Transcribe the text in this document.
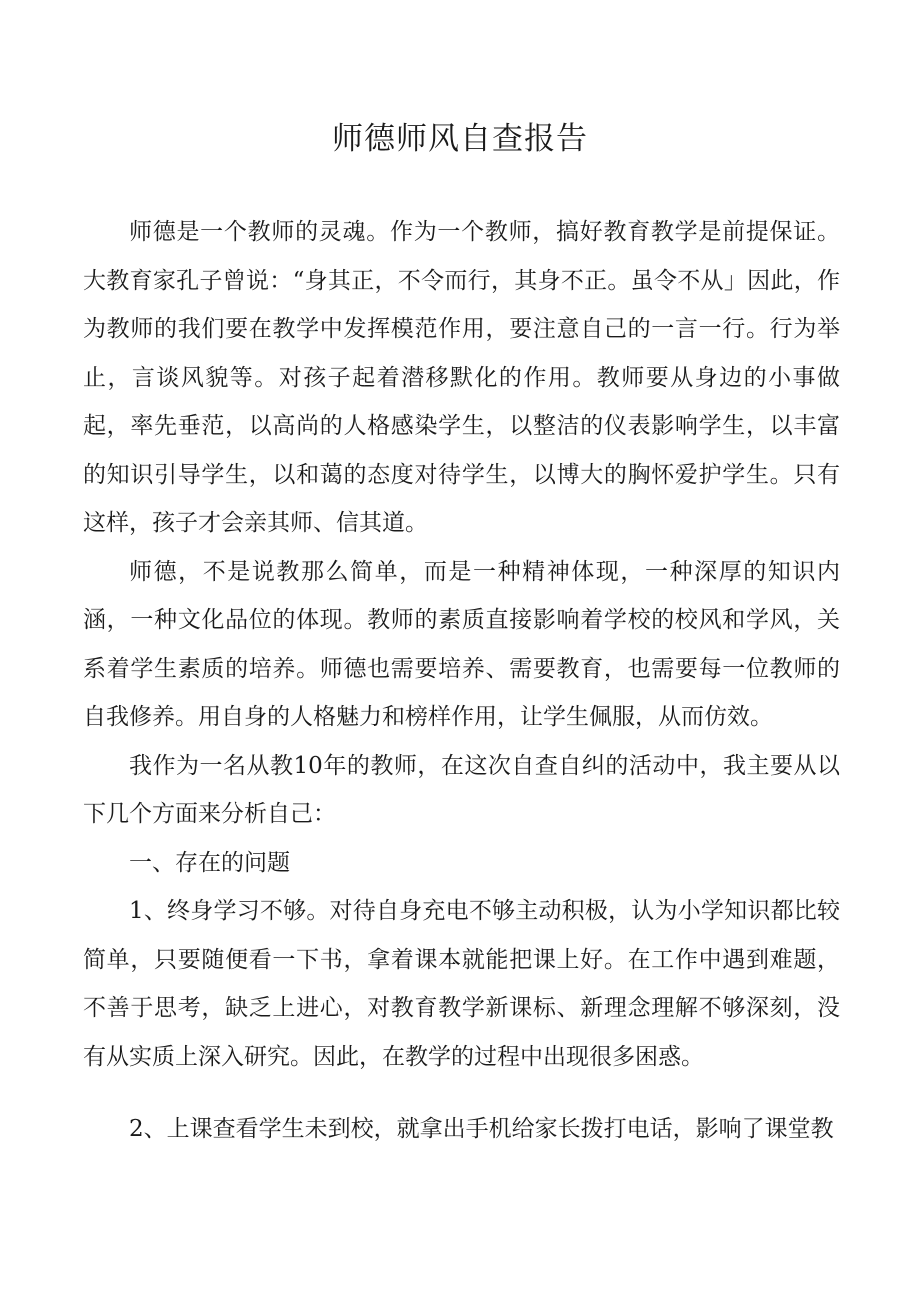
师德师风自查报告

师德是一个教师的灵魂。作为一个教师，搞好教育教学是前提保证。大教育家孔子曾说：“身其正，不令而行，其身不正。虽令不从」因此，作为教师的我们要在教学中发挥模范作用，要注意自己的一言一行。行为举止，言谈风貌等。对孩子起着潜移默化的作用。教师要从身边的小事做起，率先垂范，以高尚的人格感染学生，以整洁的仪表影响学生，以丰富的知识引导学生，以和蔼的态度对待学生，以博大的胸怀爱护学生。只有这样，孩子才会亲其师、信其道。

师德，不是说教那么简单，而是一种精神体现，一种深厚的知识内涵，一种文化品位的体现。教师的素质直接影响着学校的校风和学风，关系着学生素质的培养。师德也需要培养、需要教育，也需要每一位教师的自我修养。用自身的人格魅力和榜样作用，让学生佩服，从而仿效。

我作为一名从教10年的教师，在这次自查自纠的活动中，我主要从以下几个方面来分析自己：

一、存在的问题

1、终身学习不够。对待自身充电不够主动积极，认为小学知识都比较简单，只要随便看一下书，拿着课本就能把课上好。在工作中遇到难题，不善于思考，缺乏上进心，对教育教学新课标、新理念理解不够深刻，没有从实质上深入研究。因此，在教学的过程中出现很多困惑。

2、上课查看学生未到校，就拿出手机给家长拨打电话，影响了课堂教
